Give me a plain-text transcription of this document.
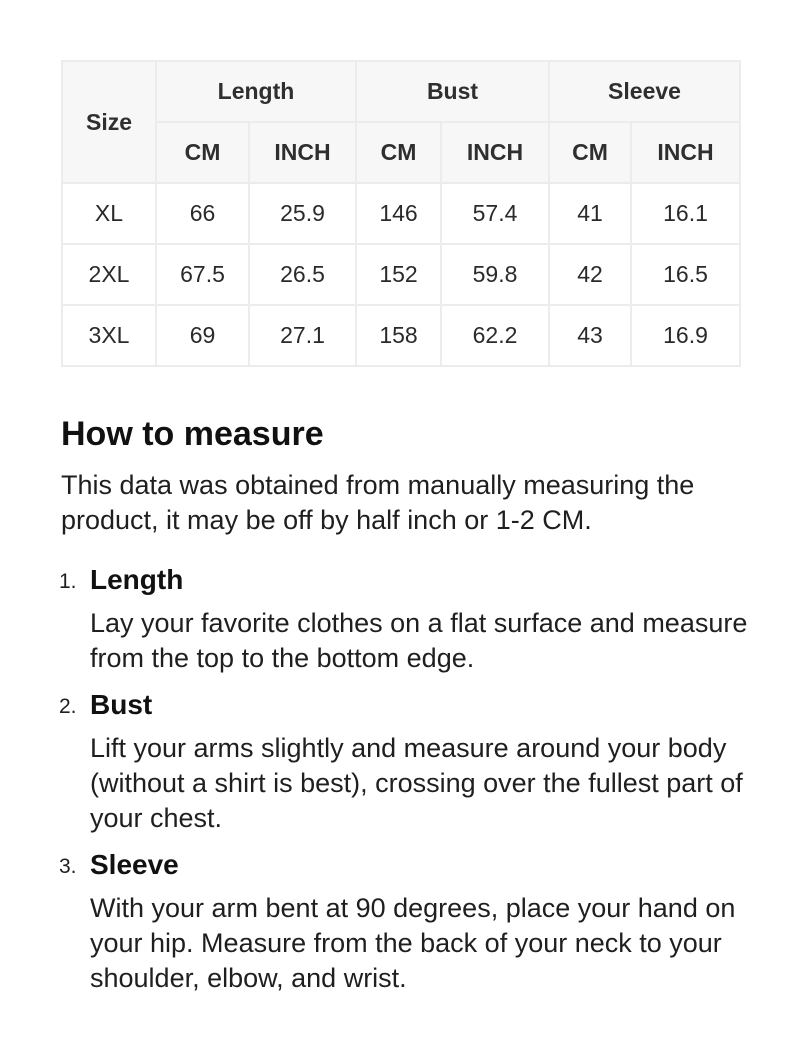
Size	Length		Bust		Sleeve	
	CM	INCH	CM	INCH	CM	INCH
XL	66	25.9	146	57.4	41	16.1
2XL	67.5	26.5	152	59.8	42	16.5
3XL	69	27.1	158	62.2	43	16.9
How to measure

This data was obtained from manually measuring the product, it may be off by half inch or 1-2 CM.

1. Length

Lay your favorite clothes on a flat surface and measure from the top to the bottom edge.

2. Bust

Lift your arms slightly and measure around your body (without a shirt is best), crossing over the fullest part of your chest.

3. Sleeve

With your arm bent at 90 degrees, place your hand on your hip. Measure from the back of your neck to your shoulder, elbow, and wrist.
